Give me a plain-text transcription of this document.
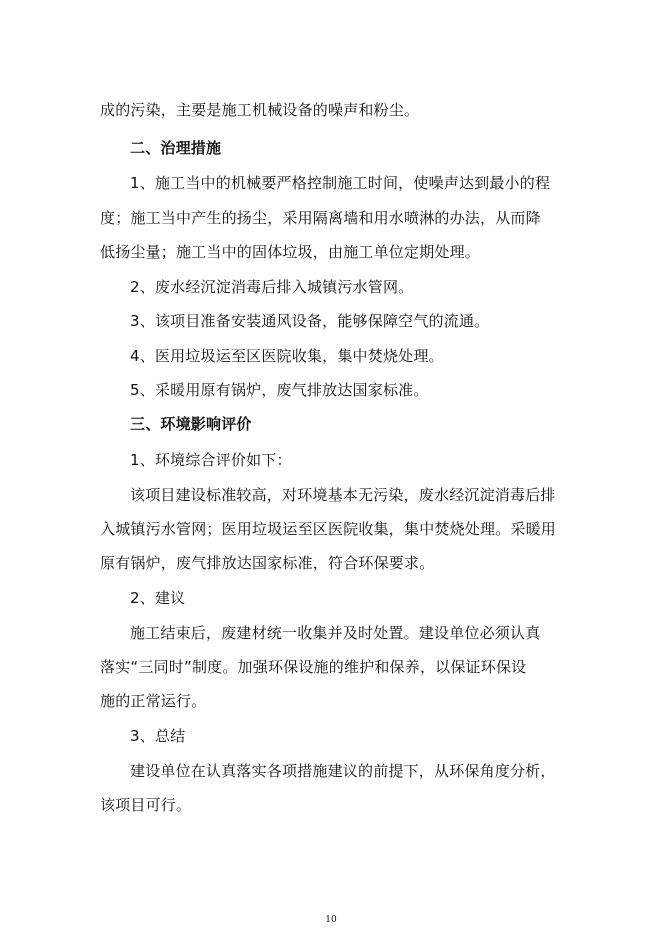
成的污染，主要是施工机械设备的噪声和粉尘。

二、治理措施

1、施工当中的机械要严格控制施工时间，使噪声达到最小的程

度；施工当中产生的扬尘，采用隔离墙和用水喷淋的办法，从而降

低扬尘量；施工当中的固体垃圾，由施工单位定期处理。

2、废水经沉淀消毒后排入城镇污水管网。

3、该项目准备安装通风设备，能够保障空气的流通。

4、医用垃圾运至区医院收集，集中焚烧处理。

5、采暖用原有锅炉，废气排放达国家标准。

三、环境影响评价

1、环境综合评价如下：

该项目建设标准较高，对环境基本无污染，废水经沉淀消毒后排

入城镇污水管网；医用垃圾运至区医院收集，集中焚烧处理。采暖用

原有锅炉，废气排放达国家标准，符合环保要求。

2、建议

施工结束后，废建材统一收集并及时处置。建设单位必须认真

落实“三同时”制度。加强环保设施的维护和保养，以保证环保设

施的正常运行。

3、总结

建设单位在认真落实各项措施建议的前提下，从环保角度分析，

该项目可行。

10
